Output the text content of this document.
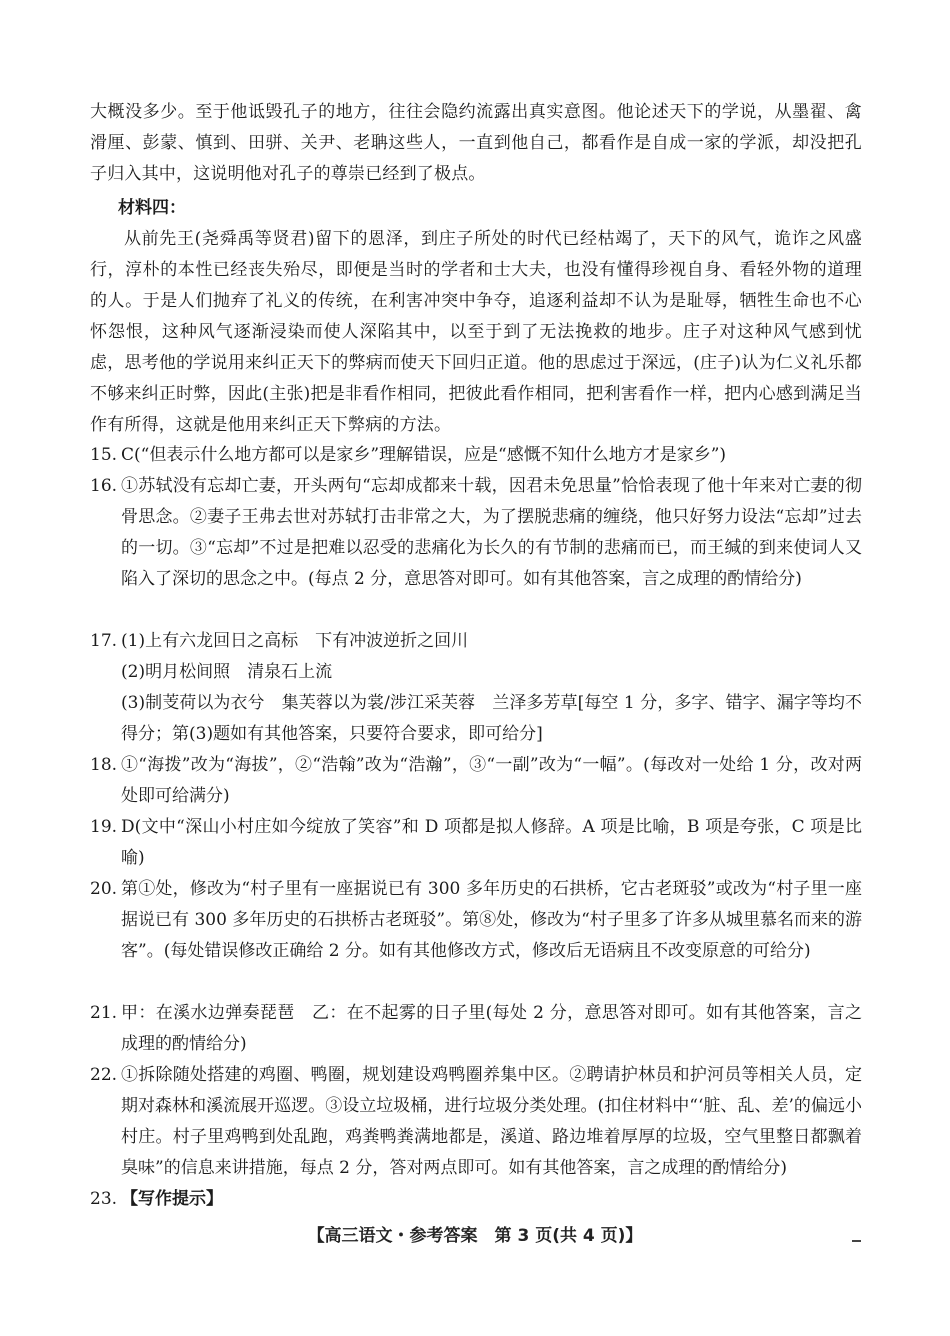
大概没多少。至于他诋毁孔子的地方，往往会隐约流露出真实意图。他论述天下的学说，从墨翟、禽滑厘、彭蒙、慎到、田骈、关尹、老聃这些人，一直到他自己，都看作是自成一家的学派，却没把孔子归入其中，这说明他对孔子的尊崇已经到了极点。
材料四：
从前先王(尧舜禹等贤君)留下的恩泽，到庄子所处的时代已经枯竭了，天下的风气，诡诈之风盛行，淳朴的本性已经丧失殆尽，即便是当时的学者和士大夫，也没有懂得珍视自身、看轻外物的道理的人。于是人们抛弃了礼义的传统，在利害冲突中争夺，追逐利益却不认为是耻辱，牺牲生命也不心怀怨恨，这种风气逐渐浸染而使人深陷其中，以至于到了无法挽救的地步。庄子对这种风气感到忧虑，思考他的学说用来纠正天下的弊病而使天下回归正道。他的思虑过于深远，(庄子)认为仁义礼乐都不够来纠正时弊，因此(主张)把是非看作相同，把彼此看作相同，把利害看作一样，把内心感到满足当作有所得，这就是他用来纠正天下弊病的方法。
15. C(“但表示什么地方都可以是家乡”理解错误，应是“感慨不知什么地方才是家乡”)
16. ①苏轼没有忘却亡妻，开头两句“忘却成都来十载，因君未免思量”恰恰表现了他十年来对亡妻的彻骨思念。②妻子王弗去世对苏轼打击非常之大，为了摆脱悲痛的缠绕，他只好努力设法“忘却”过去的一切。③“忘却”不过是把难以忍受的悲痛化为长久的有节制的悲痛而已，而王缄的到来使词人又陷入了深切的思念之中。(每点 2 分，意思答对即可。如有其他答案，言之成理的酌情给分)
17. (1)上有六龙回日之高标　下有冲波逆折之回川
(2)明月松间照　清泉石上流
(3)制芰荷以为衣兮　集芙蓉以为裳/涉江采芙蓉　兰泽多芳草[每空 1 分，多字、错字、漏字等均不得分；第(3)题如有其他答案，只要符合要求，即可给分]
18. ①“海拨”改为“海拔”，②“浩翰”改为“浩瀚”，③“一副”改为“一幅”。(每改对一处给 1 分，改对两处即可给满分)
19. D(文中“深山小村庄如今绽放了笑容”和 D 项都是拟人修辞。A 项是比喻，B 项是夸张，C 项是比喻)
20. 第①处，修改为“村子里有一座据说已有 300 多年历史的石拱桥，它古老斑驳”或改为“村子里一座据说已有 300 多年历史的石拱桥古老斑驳”。第⑧处，修改为“村子里多了许多从城里慕名而来的游客”。(每处错误修改正确给 2 分。如有其他修改方式，修改后无语病且不改变原意的可给分)
21. 甲：在溪水边弹奏琵琶　乙：在不起雾的日子里(每处 2 分，意思答对即可。如有其他答案，言之成理的酌情给分)
22. ①拆除随处搭建的鸡圈、鸭圈，规划建设鸡鸭圈养集中区。②聘请护林员和护河员等相关人员，定期对森林和溪流展开巡逻。③设立垃圾桶，进行垃圾分类处理。(扣住材料中“‘脏、乱、差’的偏远小村庄。村子里鸡鸭到处乱跑，鸡粪鸭粪满地都是，溪道、路边堆着厚厚的垃圾，空气里整日都飘着臭味”的信息来讲措施，每点 2 分，答对两点即可。如有其他答案，言之成理的酌情给分)
23. 【写作提示】
【高三语文・参考答案　第 3 页(共 4 页)】
